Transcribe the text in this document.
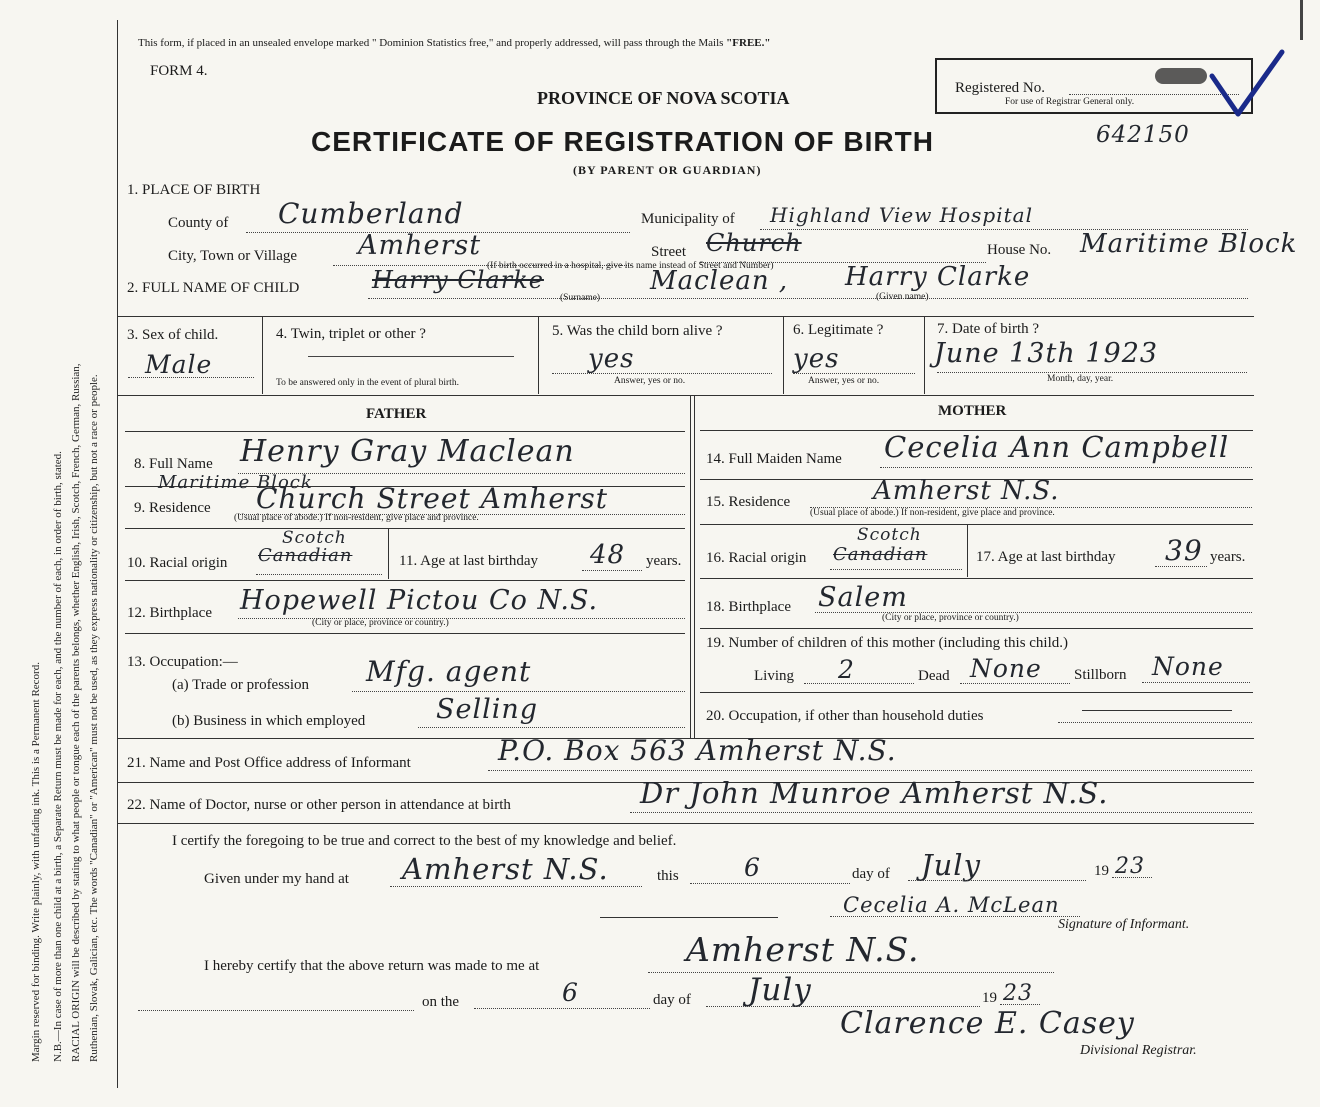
Margin reserved for binding. Write plainly, with unfading ink. This is a Permanent Record. N.B.—In case of more than one child at a birth, a Separate Return must be made for each, and the number of each, in order of birth, stated. RACIAL ORIGIN will be described by stating to what people or tongue each of the parents belongs, whether English, Irish, Scotch, French, German, Russian, Ruthenian, Slovak, Galician, etc. The words "Canadian" or "American" must not be used, as they express nationality or citizenship, but not a race or people.
This form, if placed in an unsealed envelope marked " Dominion Statistics free," and properly addressed, will pass through the Mails "FREE."
FORM 4.
PROVINCE OF NOVA SCOTIA
CERTIFICATE OF REGISTRATION OF BIRTH
(BY PARENT OR GUARDIAN)
642150
Registered No.
For use of Registrar General only.
1. PLACE OF BIRTH
County of Cumberland	Municipality of Highland View Hospital
City, Town or Village Amherst	Street Church	House No. Maritime Block
(If birth occurred in a hospital, give its name instead of Street and Number)
2. FULL NAME OF CHILD	Harry Clarke	Maclean , Harry Clarke
(Surname)	(Given name)
3. Sex of child.
Male
4. Twin, triplet or other ?
To be answered only in the event of plural birth.
5. Was the child born alive ?
yes
Answer, yes or no.
6. Legitimate ?
yes
Answer, yes or no.
7. Date of birth ?
June 13th 1923
Month, day, year.
FATHER
8. Full Name Henry Gray Maclean
Maritime Block
9. Residence Church Street Amherst
(Usual place of abode.) If non-resident, give place and province.
10. Racial origin
Scotch
Canadian	11. Age at last birthday 48 years.
12. Birthplace Hopewell Pictou Co N.S.
(City or place, province or country.)
13. Occupation:—
(a) Trade or profession Mfg. agent
(b) Business in which employed	Selling
MOTHER
14. Full Maiden Name Cecelia Ann Campbell
15. Residence	Amherst N.S.
(Usual place of abode.) If non-resident, give place and province.
16. Racial origin
Scotch
Canadian	17. Age at last birthday 39 years.
18. Birthplace Salem
(City or place, province or country.)
19. Number of children of this mother (including this child.)
Living 2	Dead None Stillborn None
20. Occupation, if other than household duties
21. Name and Post Office address of Informant	P.O. Box 563 Amherst N.S.
22. Name of Doctor, nurse or other person in attendance at birth	Dr John Munroe Amherst N.S.
I certify the foregoing to be true and correct to the best of my knowledge and belief.
Given under my hand at Amherst N.S.	this	6	day of July	19 23
Cecelia A. McLean
Signature of Informant.
I hereby certify that the above return was made to me at	Amherst N.S.
on the	6	day of July	19 23
Clarence E. Casey
Divisional Registrar.
